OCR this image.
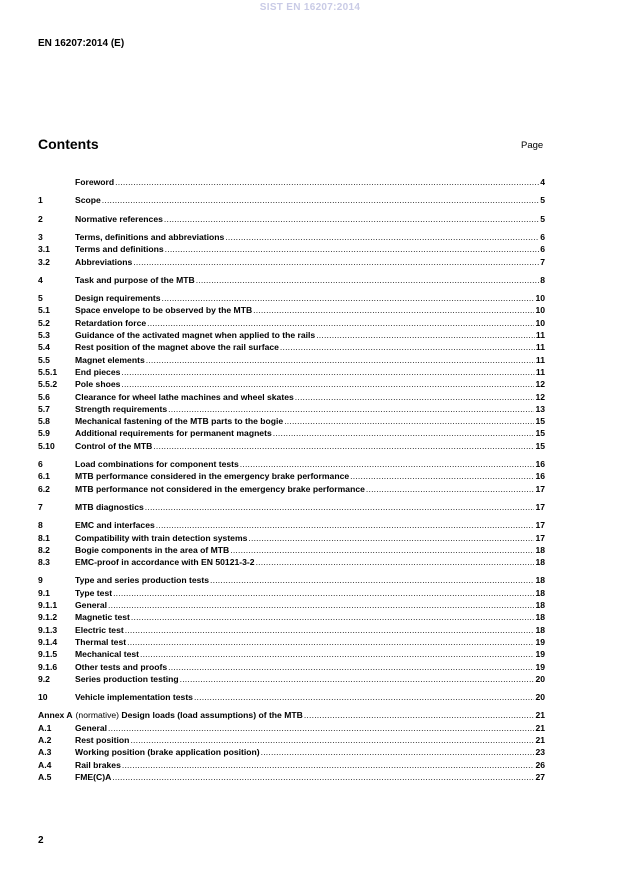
SIST EN 16207:2014
EN 16207:2014 (E)
Contents	Page
Foreword .....	4
1	Scope .....	5
2	Normative references .....	5
3	Terms, definitions and abbreviations .....	6
3.1	Terms and definitions .....	6
3.2	Abbreviations .....	7
4	Task and purpose of the MTB .....	8
5	Design requirements .....	10
5.1	Space envelope to be observed by the MTB .....	10
5.2	Retardation force .....	10
5.3	Guidance of the activated magnet when applied to the rails .....	11
5.4	Rest position of the magnet above the rail surface .....	11
5.5	Magnet elements .....	11
5.5.1	End pieces .....	11
5.5.2	Pole shoes .....	12
5.6	Clearance for wheel lathe machines and wheel skates .....	12
5.7	Strength requirements .....	13
5.8	Mechanical fastening of the MTB parts to the bogie .....	15
5.9	Additional requirements for permanent magnets .....	15
5.10	Control of the MTB .....	15
6	Load combinations for component tests .....	16
6.1	MTB performance considered in the emergency brake performance .....	16
6.2	MTB performance not considered in the emergency brake performance .....	17
7	MTB diagnostics .....	17
8	EMC and interfaces .....	17
8.1	Compatibility with train detection systems .....	17
8.2	Bogie components in the area of MTB .....	18
8.3	EMC-proof in accordance with EN 50121-3-2 .....	18
9	Type and series production tests .....	18
9.1	Type test .....	18
9.1.1	General .....	18
9.1.2	Magnetic test .....	18
9.1.3	Electric test .....	18
9.1.4	Thermal test .....	19
9.1.5	Mechanical test .....	19
9.1.6	Other tests and proofs .....	19
9.2	Series production testing .....	20
10	Vehicle implementation tests .....	20
Annex A (normative) Design loads (load assumptions) of the MTB .....	21
A.1	General .....	21
A.2	Rest position .....	21
A.3	Working position (brake application position) .....	23
A.4	Rail brakes .....	26
A.5	FME(C)A .....	27
2
